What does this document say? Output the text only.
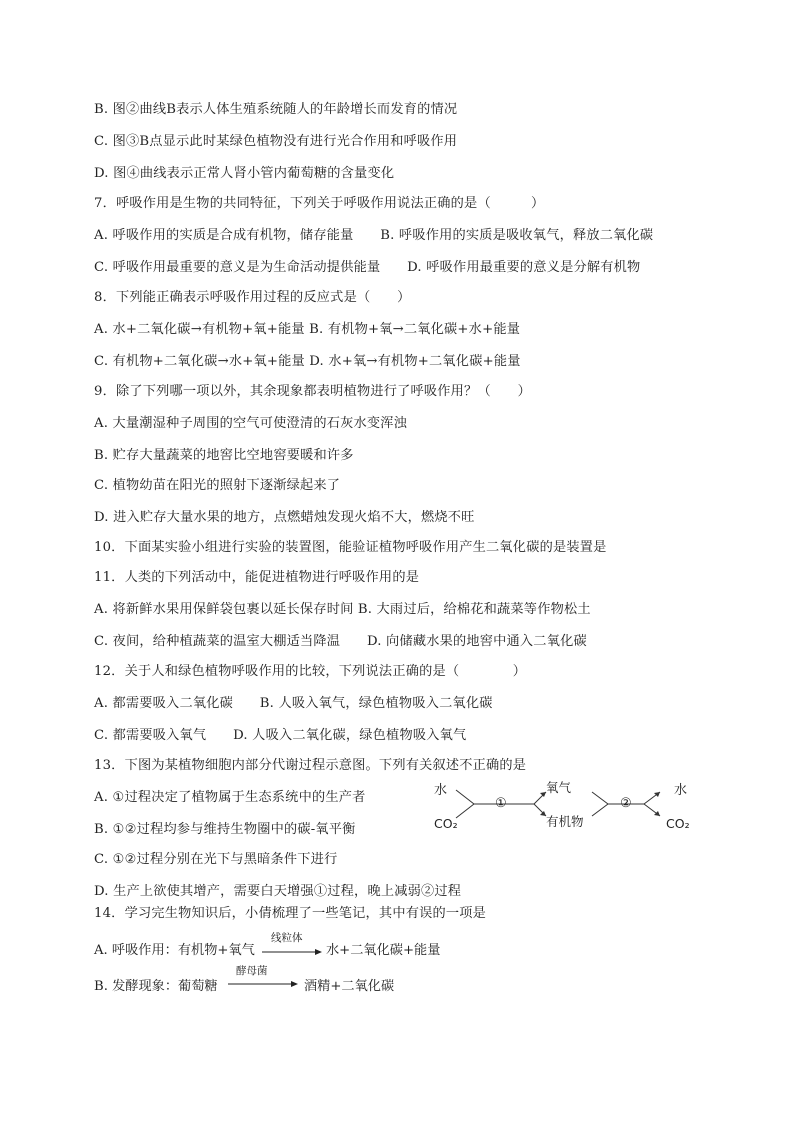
B. 图②曲线B表示人体生殖系统随人的年龄增长而发育的情况
C. 图③B点显示此时某绿色植物没有进行光合作用和呼吸作用
D. 图④曲线表示正常人肾小管内葡萄糖的含量变化
7．呼吸作用是生物的共同特征，下列关于呼吸作用说法正确的是（　　　）
A. 呼吸作用的实质是合成有机物，储存能量　　B. 呼吸作用的实质是吸收氧气，释放二氧化碳
C. 呼吸作用最重要的意义是为生命活动提供能量　　D. 呼吸作用最重要的意义是分解有机物
8．下列能正确表示呼吸作用过程的反应式是（　　）
A. 水+二氧化碳→有机物+氧+能量 B. 有机物+氧→二氧化碳+水+能量
C. 有机物+二氧化碳→水+氧+能量 D. 水+氧→有机物+二氧化碳+能量
9．除了下列哪一项以外，其余现象都表明植物进行了呼吸作用？（　　）
A. 大量潮湿种子周围的空气可使澄清的石灰水变浑浊
B. 贮存大量蔬菜的地窖比空地窖要暖和许多
C. 植物幼苗在阳光的照射下逐渐绿起来了
D. 进入贮存大量水果的地方，点燃蜡烛发现火焰不大，燃烧不旺
10．下面某实验小组进行实验的装置图，能验证植物呼吸作用产生二氧化碳的是装置是
11．人类的下列活动中，能促进植物进行呼吸作用的是
A. 将新鲜水果用保鲜袋包裹以延长保存时间 B. 大雨过后，给棉花和蔬菜等作物松土
C. 夜间，给种植蔬菜的温室大棚适当降温　　D. 向储藏水果的地窖中通入二氧化碳
12．关于人和绿色植物呼吸作用的比较，下列说法正确的是（　　　　）
A. 都需要吸入二氧化碳　　B. 人吸入氧气，绿色植物吸入二氧化碳
C. 都需要吸入氧气　　D. 人吸入二氧化碳，绿色植物吸入氧气
13．下图为某植物细胞内部分代谢过程示意图。下列有关叙述不正确的是
A. ①过程决定了植物属于生态系统中的生产者
B. ①②过程均参与维持生物圈中的碳-氧平衡
C. ①②过程分别在光下与黑暗条件下进行
D. 生产上欲使其增产，需要白天增强①过程，晚上减弱②过程
14．学习完生物知识后，小倩梳理了一些笔记，其中有误的一项是
水
CO₂
①
氧气
有机物
②
水
CO₂
A. 呼吸作用：有机物+氧气
线粒体
水+二氧化碳+能量
B. 发酵现象：葡萄糖
酵母菌
酒精+二氧化碳
